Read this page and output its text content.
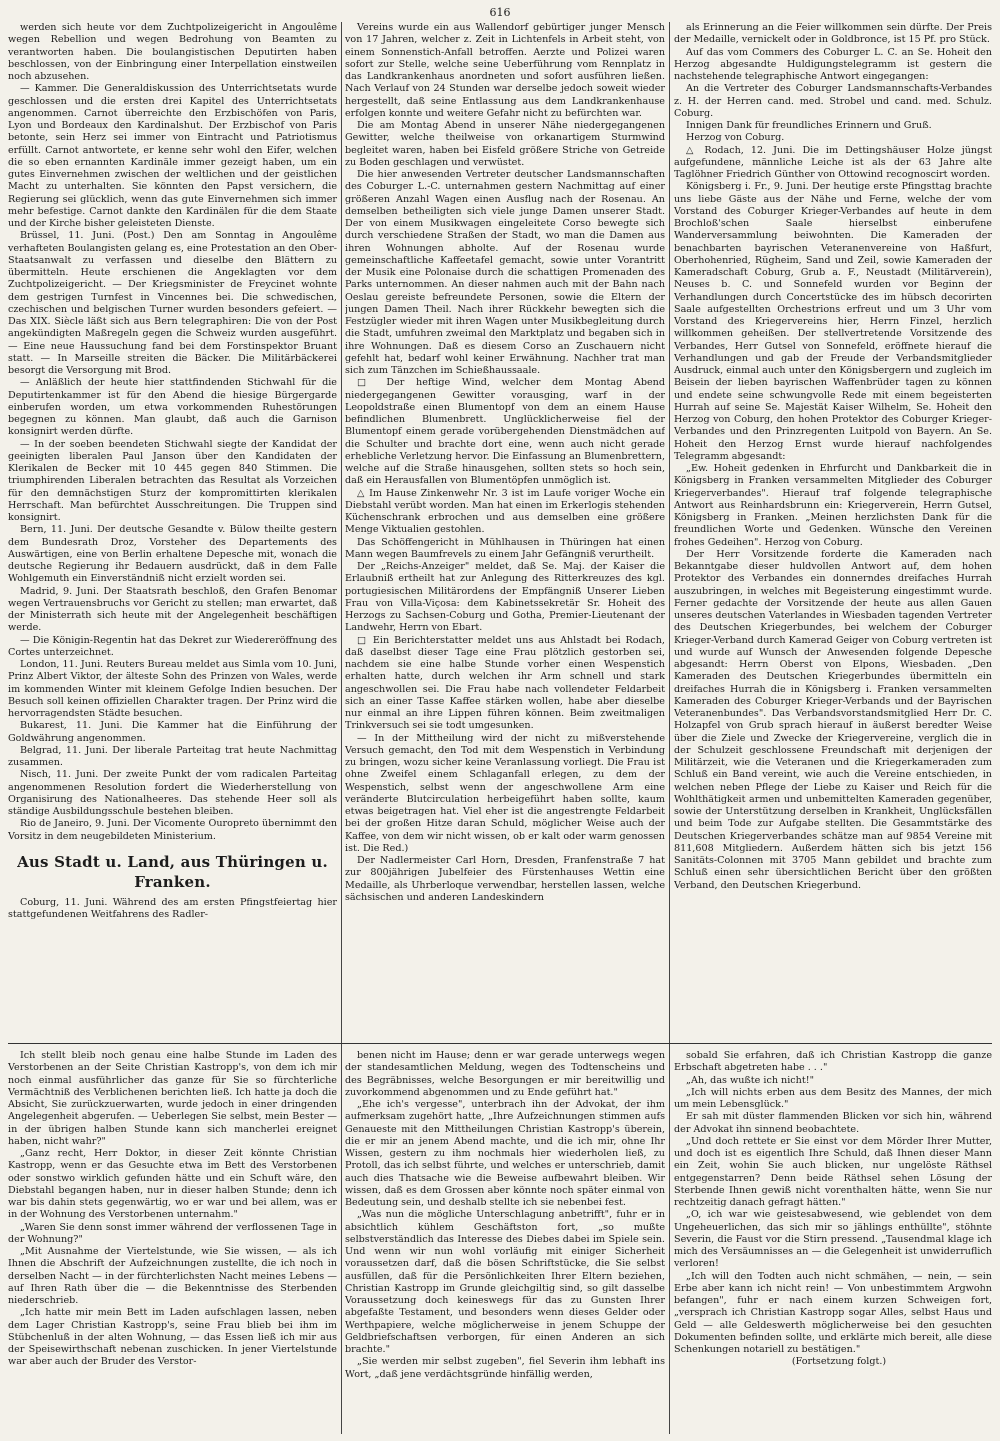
616

werden sich heute vor dem Zuchtpolizeigericht in Angoulême wegen Rebellion und wegen Bedrohung von Beamten zu verantworten haben. Die boulangistischen Deputirten haben beschlossen, von der Einbringung einer Interpellation einstweilen noch abzusehen.

— Kammer. Die Generaldiskussion des Unterrichtsetats wurde geschlossen und die ersten drei Kapitel des Unterrichtsetats angenommen. Carnot überreichte den Erzbischöfen von Paris, Lyon und Bordeaux den Kardinalshut. Der Erzbischof von Paris betonte, sein Herz sei immer von Eintracht und Patriotismus erfüllt. Carnot antwortete, er kenne sehr wohl den Eifer, welchen die so eben ernannten Kardinäle immer gezeigt haben, um ein gutes Einvernehmen zwischen der weltlichen und der geistlichen Macht zu unterhalten. Sie könnten den Papst versichern, die Regierung sei glücklich, wenn das gute Einvernehmen sich immer mehr befestige. Carnot dankte den Kardinälen für die dem Staate und der Kirche bisher geleisteten Dienste.

Brüssel, 11. Juni. (Post.) Den am Sonntag in Angoulême verhafteten Boulangisten gelang es, eine Protestation an den Ober-Staatsanwalt zu verfassen und dieselbe den Blättern zu übermitteln. Heute erschienen die Angeklagten vor dem Zuchtpolizeigericht. — Der Kriegsminister de Freycinet wohnte dem gestrigen Turnfest in Vincennes bei. Die schwedischen, czechischen und belgischen Turner wurden besonders gefeiert. — Das XIX. Siècle läßt sich aus Bern telegraphiren: Die von der Post angekündigten Maßregeln gegen die Schweiz wurden ausgeführt. — Eine neue Haussuchung fand bei dem Forstinspektor Bruant statt. — In Marseille streiten die Bäcker. Die Militärbäckerei besorgt die Versorgung mit Brod.

— Anläßlich der heute hier stattfindenden Stichwahl für die Deputirtenkammer ist für den Abend die hiesige Bürgergarde einberufen worden, um etwa vorkommenden Ruhestörungen begegnen zu können. Man glaubt, daß auch die Garnison konsignirt werden dürfte.

— In der soeben beendeten Stichwahl siegte der Kandidat der geeinigten liberalen Paul Janson über den Kandidaten der Klerikalen de Becker mit 10 445 gegen 840 Stimmen. Die triumphirenden Liberalen betrachten das Resultat als Vorzeichen für den demnächstigen Sturz der kompromittirten klerikalen Herrschaft. Man befürchtet Ausschreitungen. Die Truppen sind konsignirt.

Bern, 11. Juni. Der deutsche Gesandte v. Bülow theilte gestern dem Bundesrath Droz, Vorsteher des Departements des Auswärtigen, eine von Berlin erhaltene Depesche mit, wonach die deutsche Regierung ihr Bedauern ausdrückt, daß in dem Falle Wohlgemuth ein Einverständniß nicht erzielt worden sei.

Madrid, 9. Juni. Der Staatsrath beschloß, den Grafen Benomar wegen Vertrauensbruchs vor Gericht zu stellen; man erwartet, daß der Ministerrath sich heute mit der Angelegenheit beschäftigen werde.

— Die Königin-Regentin hat das Dekret zur Wiedereröffnung des Cortes unterzeichnet.

London, 11. Juni. Reuters Bureau meldet aus Simla vom 10. Juni, Prinz Albert Viktor, der älteste Sohn des Prinzen von Wales, werde im kommenden Winter mit kleinem Gefolge Indien besuchen. Der Besuch soll keinen offiziellen Charakter tragen. Der Prinz wird die hervorragendsten Städte besuchen.

Bukarest, 11. Juni. Die Kammer hat die Einführung der Goldwährung angenommen.

Belgrad, 11. Juni. Der liberale Parteitag trat heute Nachmittag zusammen.

Nisch, 11. Juni. Der zweite Punkt der vom radicalen Parteitag angenommenen Resolution fordert die Wiederherstellung von Organisirung des Nationalheeres. Das stehende Heer soll als ständige Ausbildungsschule bestehen bleiben.

Rio de Janeiro, 9. Juni. Der Vicomente Ouropreto übernimmt den Vorsitz in dem neugebildeten Ministerium.

Aus Stadt u. Land, aus Thüringen u. Franken.

Coburg, 11. Juni. Während des am ersten Pfingstfeiertag hier stattgefundenen Weitfahrens des Radler-

Vereins wurde ein aus Wallendorf gebürtiger junger Mensch von 17 Jahren, welcher z. Zeit in Lichtenfels in Arbeit steht, von einem Sonnenstich-Anfall betroffen. Aerzte und Polizei waren sofort zur Stelle, welche seine Ueberführung vom Rennplatz in das Landkrankenhaus anordneten und sofort ausführen ließen. Nach Verlauf von 24 Stunden war derselbe jedoch soweit wieder hergestellt, daß seine Entlassung aus dem Landkrankenhause erfolgen konnte und weitere Gefahr nicht zu befürchten war.

Die am Montag Abend in unserer Nähe niedergegangenen Gewitter, welche theilweise von orkanartigem Sturmwind begleitet waren, haben bei Eisfeld größere Striche von Getreide zu Boden geschlagen und verwüstet.

Die hier anwesenden Vertreter deutscher Landsmannschaften des Coburger L.-C. unternahmen gestern Nachmittag auf einer größeren Anzahl Wagen einen Ausflug nach der Rosenau. An demselben betheiligten sich viele junge Damen unserer Stadt. Der von einem Musikwagen eingeleitete Corso bewegte sich durch verschiedene Straßen der Stadt, wo man die Damen aus ihren Wohnungen abholte. Auf der Rosenau wurde gemeinschaftliche Kaffeetafel gemacht, sowie unter Vorantritt der Musik eine Polonaise durch die schattigen Promenaden des Parks unternommen. An dieser nahmen auch mit der Bahn nach Oeslau gereiste befreundete Personen, sowie die Eltern der jungen Damen Theil. Nach ihrer Rückkehr bewegten sich die Festzügler wieder mit ihren Wagen unter Musikbegleitung durch die Stadt, umfuhren zweimal den Marktplatz und begaben sich in ihre Wohnungen. Daß es diesem Corso an Zuschauern nicht gefehlt hat, bedarf wohl keiner Erwähnung. Nachher trat man sich zum Tänzchen im Schießhaussaale.

□ Der heftige Wind, welcher dem Montag Abend niedergegangenen Gewitter vorausging, warf in der Leopoldstraße einen Blumentopf von dem an einem Hause befindlichen Blumenbrett. Unglücklicherweise fiel der Blumentopf einem gerade vorübergehenden Dienstmädchen auf die Schulter und brachte dort eine, wenn auch nicht gerade erhebliche Verletzung hervor. Die Einfassung an Blumenbrettern, welche auf die Straße hinausgehen, sollten stets so hoch sein, daß ein Herausfallen von Blumentöpfen unmöglich ist.

△ Im Hause Zinkenwehr Nr. 3 ist im Laufe voriger Woche ein Diebstahl verübt worden. Man hat einen im Erkerlogis stehenden Küchenschrank erbrochen und aus demselben eine größere Menge Viktualien gestohlen.

Das Schöffengericht in Mühlhausen in Thüringen hat einen Mann wegen Baumfrevels zu einem Jahr Gefängniß verurtheilt.

Der „Reichs-Anzeiger" meldet, daß Se. Maj. der Kaiser die Erlaubniß ertheilt hat zur Anlegung des Ritterkreuzes des kgl. portugiesischen Militärordens der Empfängniß Unserer Lieben Frau von Villa-Viçosa: dem Kabinetssekretär Sr. Hoheit des Herzogs zu Sachsen-Coburg und Gotha, Premier-Lieutenant der Landwehr, Herrn von Ebart.

□ Ein Berichterstatter meldet uns aus Ahlstadt bei Rodach, daß daselbst dieser Tage eine Frau plötzlich gestorben sei, nachdem sie eine halbe Stunde vorher einen Wespenstich erhalten hatte, durch welchen ihr Arm schnell und stark angeschwollen sei. Die Frau habe nach vollendeter Feldarbeit sich an einer Tasse Kaffee stärken wollen, habe aber dieselbe nur einmal an ihre Lippen führen können. Beim zweitmaligen Trinkversuch sei sie todt umgesunken.

— In der Mittheilung wird der nicht zu mißverstehende Versuch gemacht, den Tod mit dem Wespenstich in Verbindung zu bringen, wozu sicher keine Veranlassung vorliegt. Die Frau ist ohne Zweifel einem Schlaganfall erlegen, zu dem der Wespenstich, selbst wenn der angeschwollene Arm eine veränderte Blutcirculation herbeigeführt haben sollte, kaum etwas beigetragen hat. Viel eher ist die angestrengte Feldarbeit bei der großen Hitze daran Schuld, möglicher Weise auch der Kaffee, von dem wir nicht wissen, ob er kalt oder warm genossen ist. Die Red.)

Der Nadlermeister Carl Horn, Dresden, Franfenstraße 7 hat zur 800jährigen Jubelfeier des Fürstenhauses Wettin eine Medaille, als Uhrberloque verwendbar, herstellen lassen, welche sächsischen und anderen Landeskindern

als Erinnerung an die Feier willkommen sein dürfte. Der Preis der Medaille, vernickelt oder in Goldbronce, ist 15 Pf. pro Stück.

Auf das vom Commers des Coburger L. C. an Se. Hoheit den Herzog abgesandte Huldigungstelegramm ist gestern die nachstehende telegraphische Antwort eingegangen:

An die Vertreter des Coburger Landsmannschafts-Verbandes z. H. der Herren cand. med. Strobel und cand. med. Schulz. Coburg.

Innigen Dank für freundliches Erinnern und Gruß.

Herzog von Coburg.

△ Rodach, 12. Juni. Die im Dettingshäuser Holze jüngst aufgefundene, männliche Leiche ist als der 63 Jahre alte Taglöhner Friedrich Günther von Ottowind recognoscirt worden.

Königsberg i. Fr., 9. Juni. Der heutige erste Pfingsttag brachte uns liebe Gäste aus der Nähe und Ferne, welche der vom Vorstand des Coburger Krieger-Verbandes auf heute in dem Brochloß'schen Saale hierselbst einberufene Wanderversammlung beiwohnten. Die Kameraden der benachbarten bayrischen Veteranenvereine von Haßfurt, Oberhohenried, Rügheim, Sand und Zeil, sowie Kameraden der Kameradschaft Coburg, Grub a. F., Neustadt (Militärverein), Neuses b. C. und Sonnefeld wurden vor Beginn der Verhandlungen durch Concertstücke des im hübsch decorirten Saale aufgestellten Orchestrions erfreut und um 3 Uhr vom Vorstand des Kriegervereins hier, Herrn Finzel, herzlich willkommen geheißen. Der stellvertretende Vorsitzende des Verbandes, Herr Gutsel von Sonnefeld, eröffnete hierauf die Verhandlungen und gab der Freude der Verbandsmitglieder Ausdruck, einmal auch unter den Königsbergern und zugleich im Beisein der lieben bayrischen Waffenbrüder tagen zu können und endete seine schwungvolle Rede mit einem begeisterten Hurrah auf seine Se. Majestät Kaiser Wilhelm, Se. Hoheit den Herzog von Coburg, den hohen Protektor des Coburger Krieger-Verbandes und den Prinzregenten Luitpold von Bayern. An Se. Hoheit den Herzog Ernst wurde hierauf nachfolgendes Telegramm abgesandt:

„Ew. Hoheit gedenken in Ehrfurcht und Dankbarkeit die in Königsberg in Franken versammelten Mitglieder des Coburger Kriegerverbandes". Hierauf traf folgende telegraphische Antwort aus Reinhardsbrunn ein: Kriegerverein, Herrn Gutsel, Königsberg in Franken. „Meinen herzlichsten Dank für die freundlichen Worte und Gedenken. Wünsche den Vereinen frohes Gedeihen". Herzog von Coburg.

Der Herr Vorsitzende forderte die Kameraden nach Bekanntgabe dieser huldvollen Antwort auf, dem hohen Protektor des Verbandes ein donnerndes dreifaches Hurrah auszubringen, in welches mit Begeisterung eingestimmt wurde. Ferner gedachte der Vorsitzende der heute aus allen Gauen unseres deutschen Vaterlandes in Wiesbaden tagenden Vertreter des Deutschen Kriegerbundes, bei welchem der Coburger Krieger-Verband durch Kamerad Geiger von Coburg vertreten ist und wurde auf Wunsch der Anwesenden folgende Depesche abgesandt: Herrn Oberst von Elpons, Wiesbaden. „Den Kameraden des Deutschen Kriegerbundes übermitteln ein dreifaches Hurrah die in Königsberg i. Franken versammelten Kameraden des Coburger Krieger-Verbands und der Bayrischen Veteranenbundes". Das Verbandsvorstandsmitglied Herr Dr. C. Holzapfel von Grub sprach hierauf in äußerst beredter Weise über die Ziele und Zwecke der Kriegervereine, verglich die in der Schulzeit geschlossene Freundschaft mit derjenigen der Militärzeit, wie die Veteranen und die Kriegerkameraden zum Schluß ein Band vereint, wie auch die Vereine entschieden, in welchen neben Pflege der Liebe zu Kaiser und Reich für die Wohlthätigkeit armen und unbemittelten Kameraden gegenüber, sowie der Unterstützung derselben in Krankheit, Unglücksfällen und beim Tode zur Aufgabe stellten. Die Gesammtstärke des Deutschen Kriegerverbandes schätze man auf 9854 Vereine mit 811,608 Mitgliedern. Außerdem hätten sich bis jetzt 156 Sanitäts-Colonnen mit 3705 Mann gebildet und brachte zum Schluß einen sehr übersichtlichen Bericht über den größten Verband, den Deutschen Kriegerbund.

Ich stellt bleib noch genau eine halbe Stunde im Laden des Verstorbenen an der Seite Christian Kastropp's, von dem ich mir noch einmal ausführlicher das ganze für Sie so fürchterliche Vermächtniß des Verblichenen berichten ließ. Ich hatte ja doch die Absicht, Sie zurückzuerwarten, wurde jedoch in einer dringenden Angelegenheit abgerufen. — Ueberlegen Sie selbst, mein Bester — in der übrigen halben Stunde kann sich mancherlei ereignet haben, nicht wahr?"

„Ganz recht, Herr Doktor, in dieser Zeit könnte Christian Kastropp, wenn er das Gesuchte etwa im Bett des Verstorbenen oder sonstwo wirklich gefunden hätte und ein Schuft wäre, den Diebstahl begangen haben, nur in dieser halben Stunde; denn ich war bis dahin stets gegenwärtig, wo er war und bei allem, was er in der Wohnung des Verstorbenen unternahm."

„Waren Sie denn sonst immer während der verflossenen Tage in der Wohnung?"

„Mit Ausnahme der Viertelstunde, wie Sie wissen, — als ich Ihnen die Abschrift der Aufzeichnungen zustellte, die ich noch in derselben Nacht — in der fürchterlichsten Nacht meines Lebens — auf Ihren Rath über die — die Bekenntnisse des Sterbenden niederschrieb.

„Ich hatte mir mein Bett im Laden aufschlagen lassen, neben dem Lager Christian Kastropp's, seine Frau blieb bei ihm im Stübchenluß in der alten Wohnung, — das Essen ließ ich mir aus der Speisewirthschaft nebenan zuschicken. In jener Viertelstunde war aber auch der Bruder des Verstor-

benen nicht im Hause; denn er war gerade unterwegs wegen der standesamtlichen Meldung, wegen des Todtenscheins und des Begräbnisses, welche Besorgungen er mir bereitwillig und zuvorkommend abgenommen und zu Ende geführt hat."

„Ehe ich's vergesse", unterbrach ihn der Advokat, der ihm aufmerksam zugehört hatte, „Ihre Aufzeichnungen stimmen aufs Genaueste mit den Mittheilungen Christian Kastropp's überein, die er mir an jenem Abend machte, und die ich mir, ohne Ihr Wissen, gestern zu ihm nochmals hier wiederholen ließ, zu Protoll, das ich selbst führte, und welches er unterschrieb, damit auch dies Thatsache wie die Beweise aufbewahrt bleiben. Wir wissen, daß es dem Grossen aber könnte noch später einmal von Bedeutung sein, und deshalb stellte ich sie nebenbei fest.

„Was nun die mögliche Unterschlagung anbetrifft", fuhr er in absichtlich kühlem Geschäftston fort, „so mußte selbstverständlich das Interesse des Diebes dabei im Spiele sein. Und wenn wir nun wohl vorläufig mit einiger Sicherheit voraussetzen darf, daß die bösen Schriftstücke, die Sie selbst ausfüllen, daß für die Persönlichkeiten Ihrer Eltern beziehen, Christian Kastropp im Grunde gleichgiltig sind, so gilt dasselbe Voraussetzung doch keineswegs für das zu Gunsten Ihrer abgefaßte Testament, und besonders wenn dieses Gelder oder Werthpapiere, welche möglicherweise in jenem Schuppe der Geldbriefschaftsen verborgen, für einen Anderen an sich brachte."

„Sie werden mir selbst zugeben", fiel Severin ihm lebhaft ins Wort, „daß jene verdächtsgründe hinfällig werden,

sobald Sie erfahren, daß ich Christian Kastropp die ganze Erbschaft abgetreten habe . . ."

„Ah, das wußte ich nicht!"

„Ich will nichts erben aus dem Besitz des Mannes, der mich um mein Lebensglück."

Er sah mit düster flammenden Blicken vor sich hin, während der Advokat ihn sinnend beobachtete.

„Und doch rettete er Sie einst vor dem Mörder Ihrer Mutter, und doch ist es eigentlich Ihre Schuld, daß Ihnen dieser Mann ein Zeit, wohin Sie auch blicken, nur ungelöste Räthsel entgegenstarren? Denn beide Räthsel sehen Lösung der Sterbende Ihnen gewiß nicht vorenthalten hätte, wenn Sie nur rechtzeitig danach gefragt hätten."

„O, ich war wie geistesabwesend, wie geblendet von dem Ungeheuerlichen, das sich mir so jählings enthüllte", stöhnte Severin, die Faust vor die Stirn pressend. „Tausendmal klage ich mich des Versäumnisses an — die Gelegenheit ist unwiderruflich verloren!

„Ich will den Todten auch nicht schmähen, — nein, — sein Erbe aber kann ich nicht rein! — Von unbestimmtem Argwohn befangen", fuhr er nach einem kurzen Schweigen fort, „versprach ich Christian Kastropp sogar Alles, selbst Haus und Geld — alle Geldeswerth möglicherweise bei den gesuchten Dokumenten befinden sollte, und erklärte mich bereit, alle diese Schenkungen notariell zu bestätigen."

(Fortsetzung folgt.)
